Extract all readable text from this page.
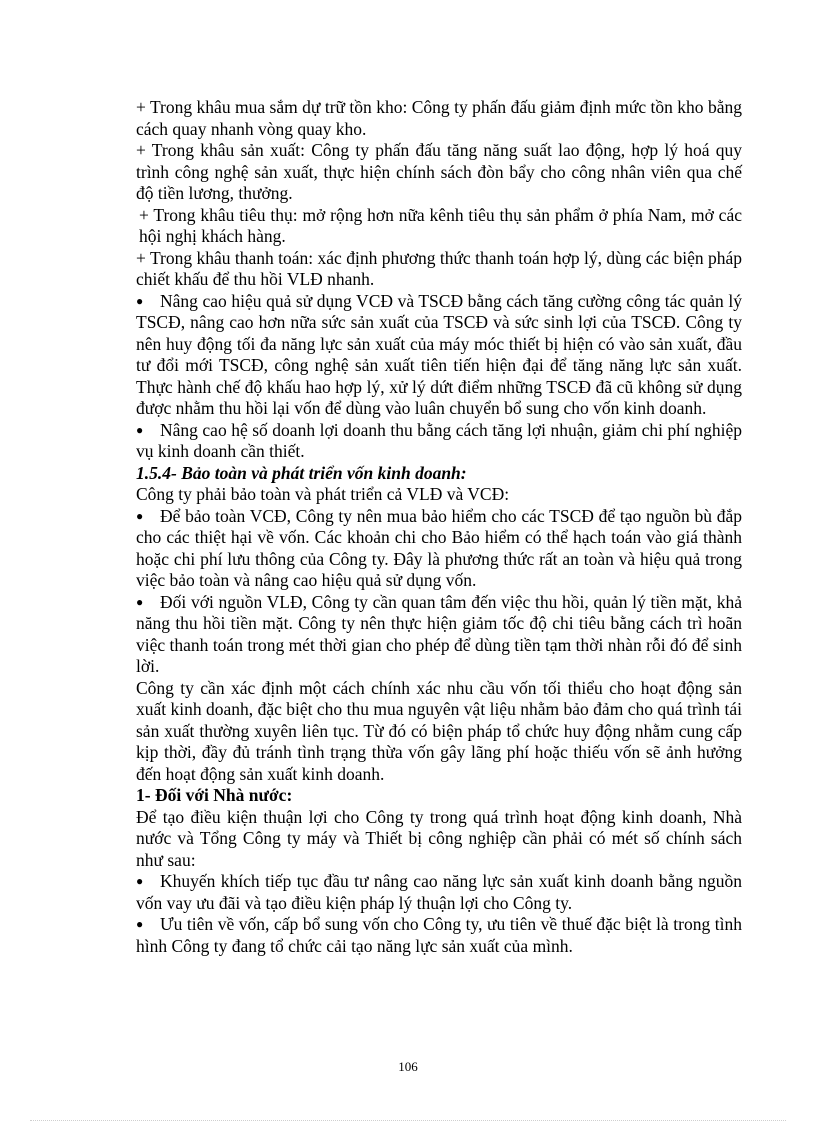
+ Trong khâu mua sắm dự trữ tồn kho: Công ty phấn đấu giảm định mức tồn kho bằng cách quay nhanh vòng quay kho.

+ Trong khâu sản xuất: Công ty phấn đấu tăng năng suất lao động, hợp lý hoá quy trình công nghệ sản xuất, thực hiện chính sách đòn bẩy cho công nhân viên qua chế độ tiền lương, thưởng.

+ Trong khâu tiêu thụ: mở rộng hơn nữa kênh tiêu thụ sản phẩm ở phía Nam, mở các hội nghị khách hàng.

+ Trong khâu thanh toán: xác định phương thức thanh toán hợp lý, dùng các biện pháp chiết khấu để thu hồi VLĐ nhanh.

● Nâng cao hiệu quả sử dụng VCĐ và TSCĐ bằng cách tăng cường công tác quản lý TSCĐ, nâng cao hơn nữa sức sản xuất của TSCĐ và sức sinh lợi của TSCĐ. Công ty nên huy động tối đa năng lực sản xuất của máy móc thiết bị hiện có vào sản xuất, đầu tư đổi mới TSCĐ, công nghệ sản xuất tiên tiến hiện đại để tăng năng lực sản xuất. Thực hành chế độ khấu hao hợp lý, xử lý dứt điểm những TSCĐ đã cũ không sử dụng được nhằm thu hồi lại vốn để dùng vào luân chuyển bổ sung cho vốn kinh doanh.

● Nâng cao hệ số doanh lợi doanh thu bằng cách tăng lợi nhuận, giảm chi phí nghiệp vụ kinh doanh cần thiết.

1.5.4- Bảo toàn và phát triển vốn kinh doanh:

Công ty phải bảo toàn và phát triển cả VLĐ và VCĐ:

● Để bảo toàn VCĐ, Công ty nên mua bảo hiểm cho các TSCĐ để tạo nguồn bù đắp cho các thiệt hại về vốn. Các khoản chi cho Bảo hiểm có thể hạch toán vào giá thành hoặc chi phí lưu thông của Công ty. Đây là phương thức rất an toàn và hiệu quả trong việc bảo toàn và nâng cao hiệu quả sử dụng vốn.

● Đối với nguồn VLĐ, Công ty cần quan tâm đến việc thu hồi, quản lý tiền mặt, khả năng thu hồi tiền mặt. Công ty nên thực hiện giảm tốc độ chi tiêu bằng cách trì hoãn việc thanh toán trong mét thời gian cho phép để dùng tiền tạm thời nhàn rỗi đó để sinh lời.

Công ty cần xác định một cách chính xác nhu cầu vốn tối thiểu cho hoạt động sản xuất kinh doanh, đặc biệt cho thu mua nguyên vật liệu nhằm bảo đảm cho quá trình tái sản xuất thường xuyên liên tục. Từ đó có biện pháp tổ chức huy động nhằm cung cấp kịp thời, đầy đủ tránh tình trạng thừa vốn gây lãng phí hoặc thiếu vốn sẽ ảnh hưởng đến hoạt động sản xuất kinh doanh.

1- Đối với Nhà nước:

Để tạo điều kiện thuận lợi cho Công ty trong quá trình hoạt động kinh doanh, Nhà nước và Tổng Công ty máy và Thiết bị công nghiệp cần phải có mét số chính sách như sau:

● Khuyến khích tiếp tục đầu tư nâng cao năng lực sản xuất kinh doanh bằng nguồn vốn vay ưu đãi và tạo điều kiện pháp lý thuận lợi cho Công ty.

● Ưu tiên về vốn, cấp bổ sung vốn cho Công ty, ưu tiên về thuế đặc biệt là trong tình hình Công ty đang tổ chức cải tạo năng lực sản xuất của mình.

106
